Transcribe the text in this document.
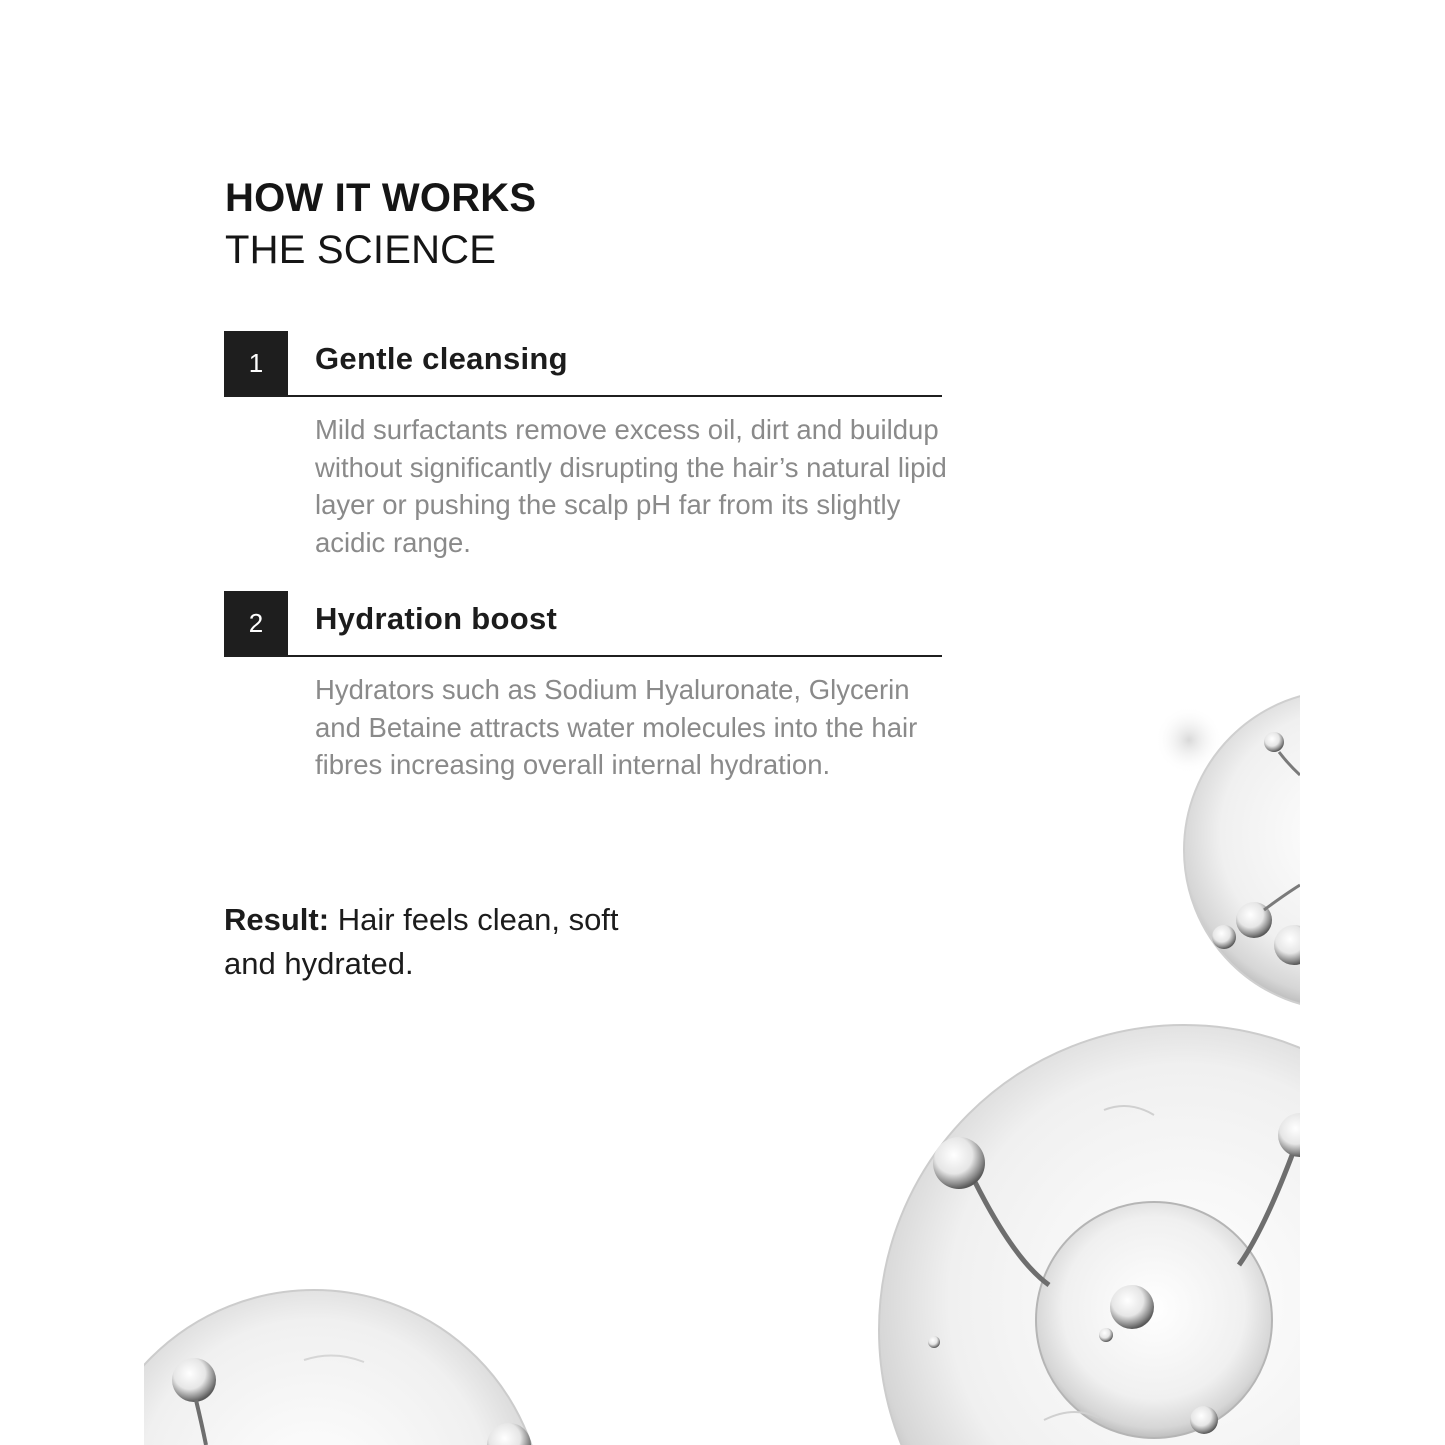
HOW IT WORKS
THE SCIENCE
1	Gentle cleansing
Mild surfactants remove excess oil, dirt and buildup without significantly disrupting the hair’s natural lipid layer or pushing the scalp pH far from its slightly acidic range.
2	Hydration boost
Hydrators such as Sodium Hyaluronate, Glycerin and Betaine attracts water molecules into the hair fibres increasing overall internal hydration.
Result: Hair feels clean, soft and hydrated.
